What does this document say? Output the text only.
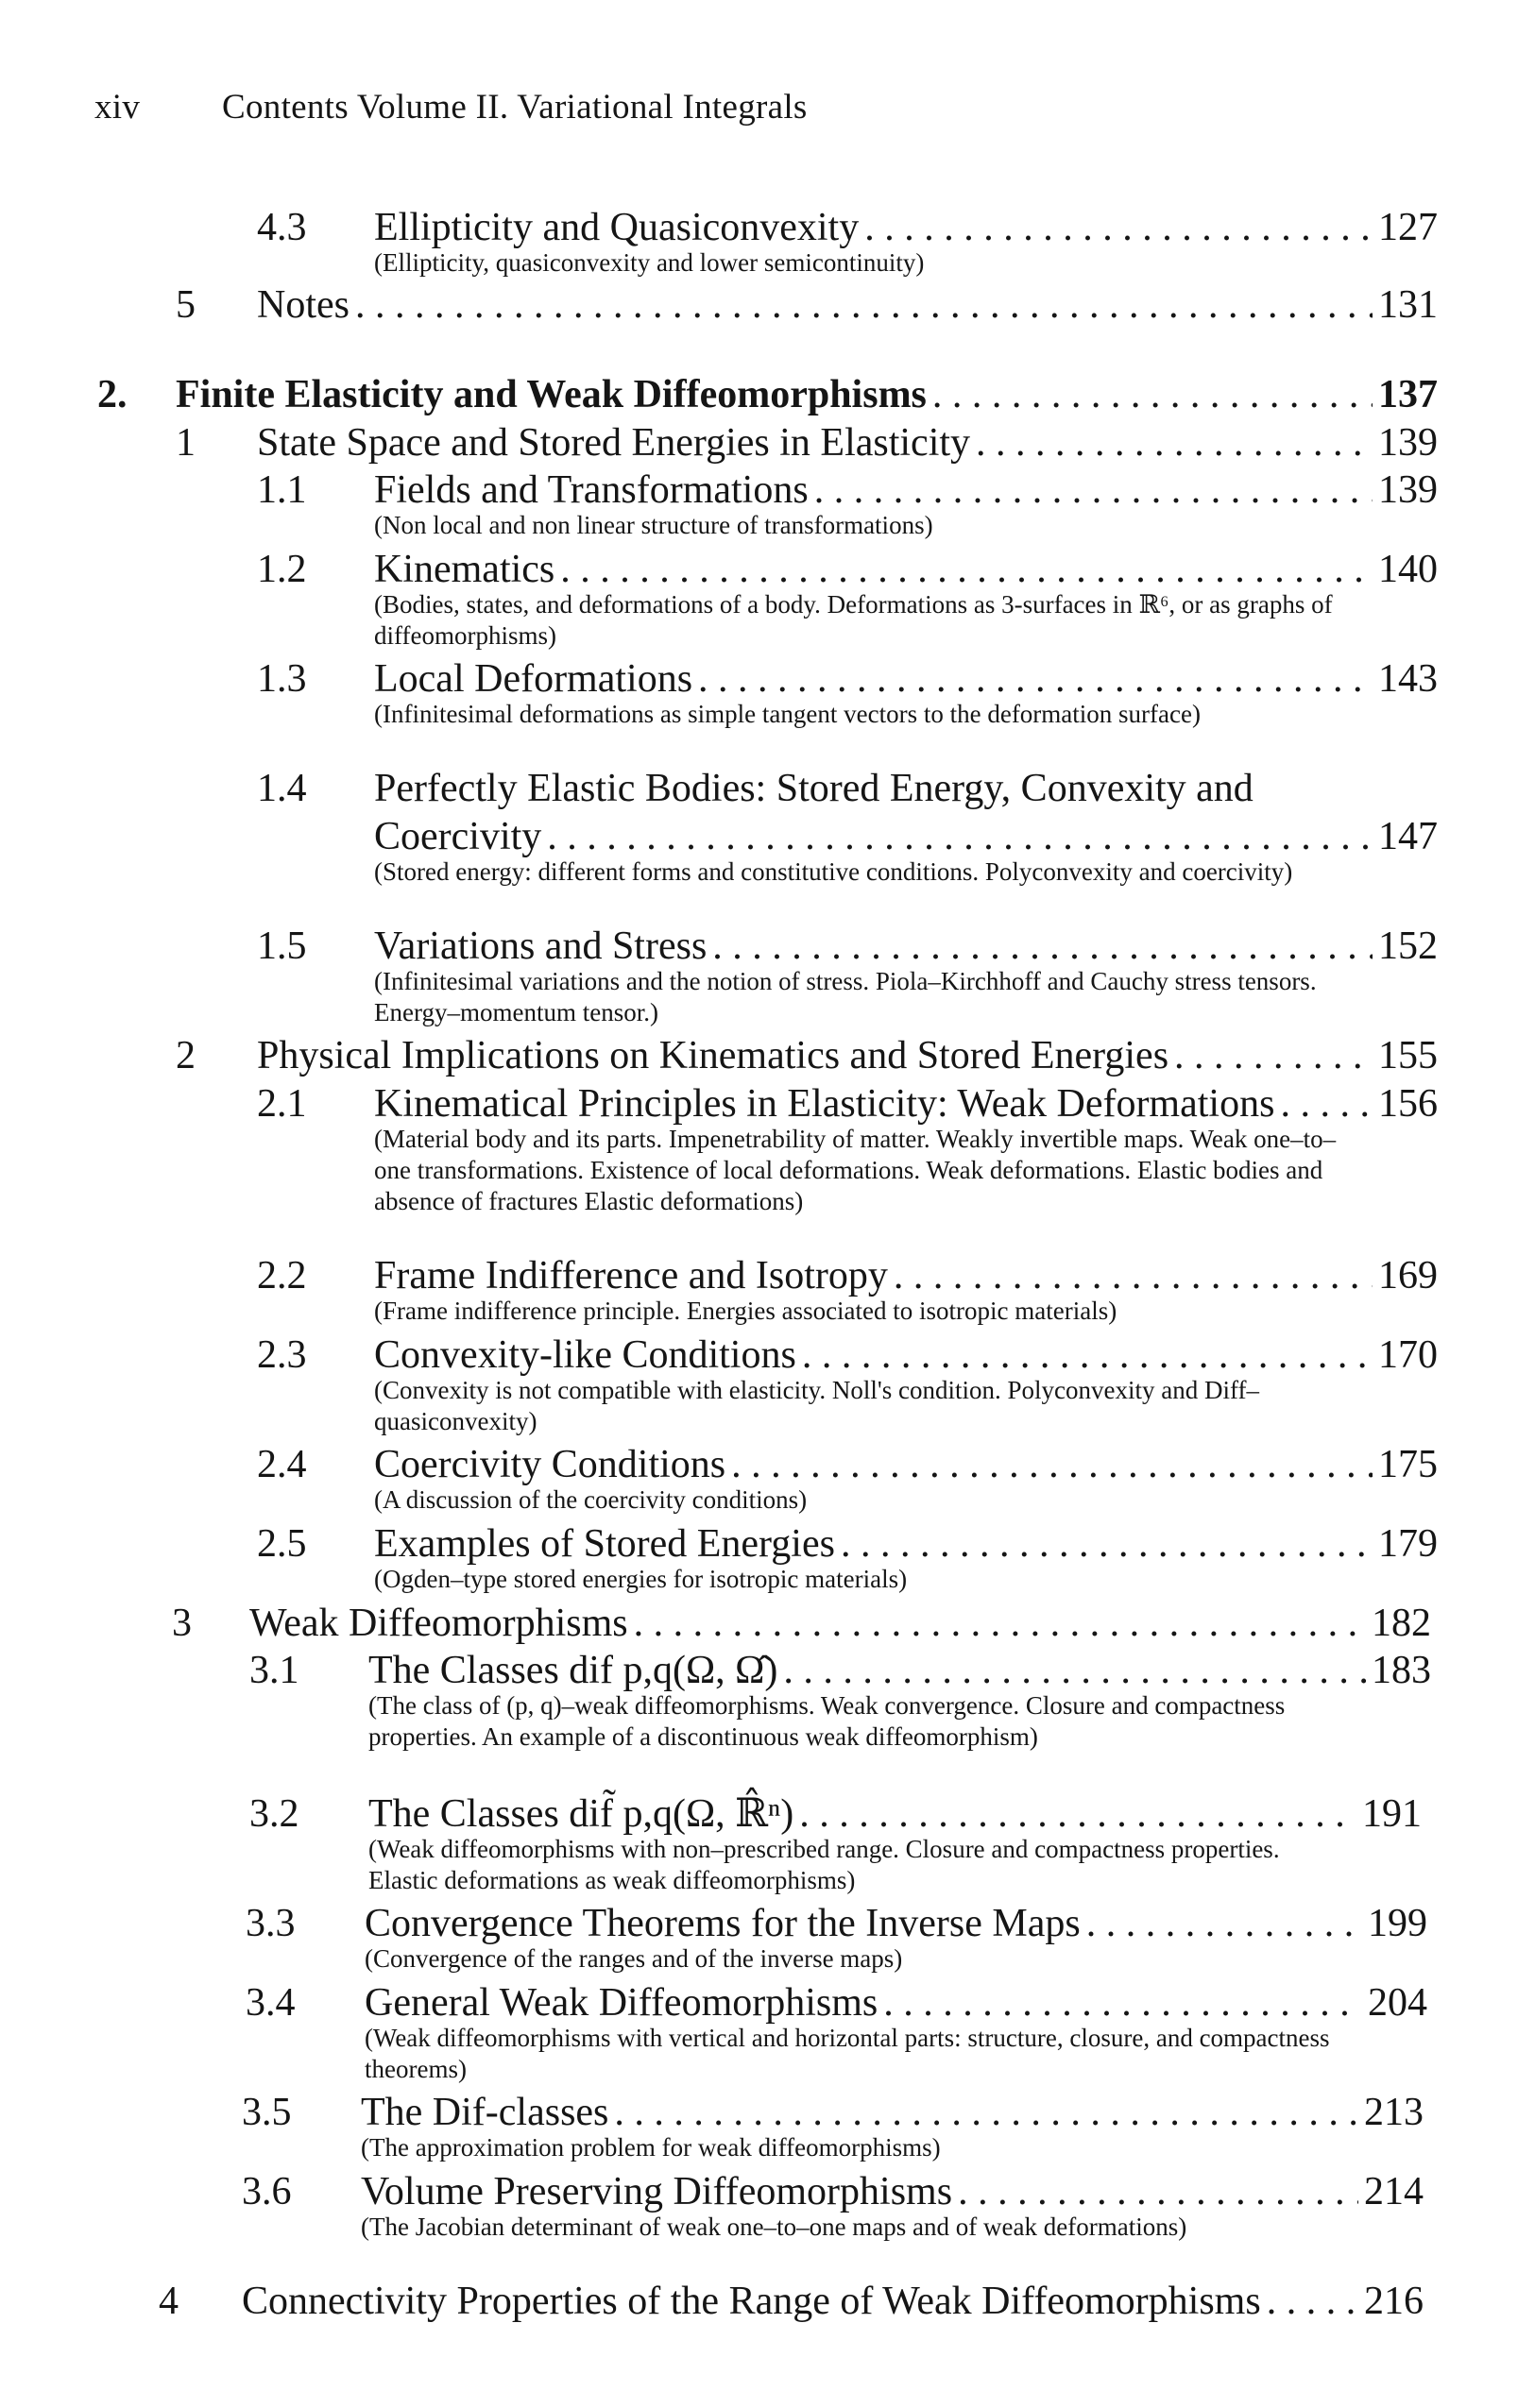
xiv Contents Volume II. Variational Integrals
4.3 Ellipticity and Quasiconvexity . . .	127
(Ellipticity, quasiconvexity and lower semicontinuity)
5 Notes . . .	131
2. Finite Elasticity and Weak Diffeomorphisms . . .	137
1 State Space and Stored Energies in Elasticity . . .	139
1.1 Fields and Transformations . . .	139
(Non local and non linear structure of transformations)
1.2 Kinematics . . .	140
(Bodies, states, and deformations of a body. Deformations as 3-surfaces in ℝ⁶, or as graphs of diffeomorphisms)
1.3 Local Deformations . . .	143
(Infinitesimal deformations as simple tangent vectors to the deformation surface)
1.4 Perfectly Elastic Bodies: Stored Energy, Convexity and
Coercivity . . .	147
(Stored energy: different forms and constitutive conditions. Polyconvexity and coercivity)
1.5 Variations and Stress . . .	152
(Infinitesimal variations and the notion of stress. Piola–Kirchhoff and Cauchy stress tensors. Energy–momentum tensor.)
2 Physical Implications on Kinematics and Stored Energies . . .	155
2.1 Kinematical Principles in Elasticity: Weak Deformations . . .	156
(Material body and its parts. Impenetrability of matter. Weakly invertible maps. Weak one–to–one transformations. Existence of local deformations. Weak deformations. Elastic bodies and absence of fractures Elastic deformations)
2.2 Frame Indifference and Isotropy . . .	169
(Frame indifference principle. Energies associated to isotropic materials)
2.3 Convexity-like Conditions . . .	170
(Convexity is not compatible with elasticity. Noll's condition. Polyconvexity and Diff–quasiconvexity)
2.4 Coercivity Conditions . . .	175
(A discussion of the coercivity conditions)
2.5 Examples of Stored Energies . . .	179
(Ogden–type stored energies for isotropic materials)
3 Weak Diffeomorphisms . . .	182
3.1 The Classes dif p,q(Ω, Ω̂) . . .	183
(The class of (p, q)–weak diffeomorphisms. Weak convergence. Closure and compactness properties. An example of a discontinuous weak diffeomorphism)
3.2 The Classes dif̃ p,q(Ω, ℝ̂ⁿ) . . .	191
(Weak diffeomorphisms with non–prescribed range. Closure and compactness properties. Elastic deformations as weak diffeomorphisms)
3.3 Convergence Theorems for the Inverse Maps . . .	199
(Convergence of the ranges and of the inverse maps)
3.4 General Weak Diffeomorphisms . . .	204
(Weak diffeomorphisms with vertical and horizontal parts: structure, closure, and compactness theorems)
3.5 The Dif-classes . . .	213
(The approximation problem for weak diffeomorphisms)
3.6 Volume Preserving Diffeomorphisms . . .	214
(The Jacobian determinant of weak one–to–one maps and of weak deformations)
4 Connectivity Properties of the Range of Weak Diffeomorphisms . . .	216
